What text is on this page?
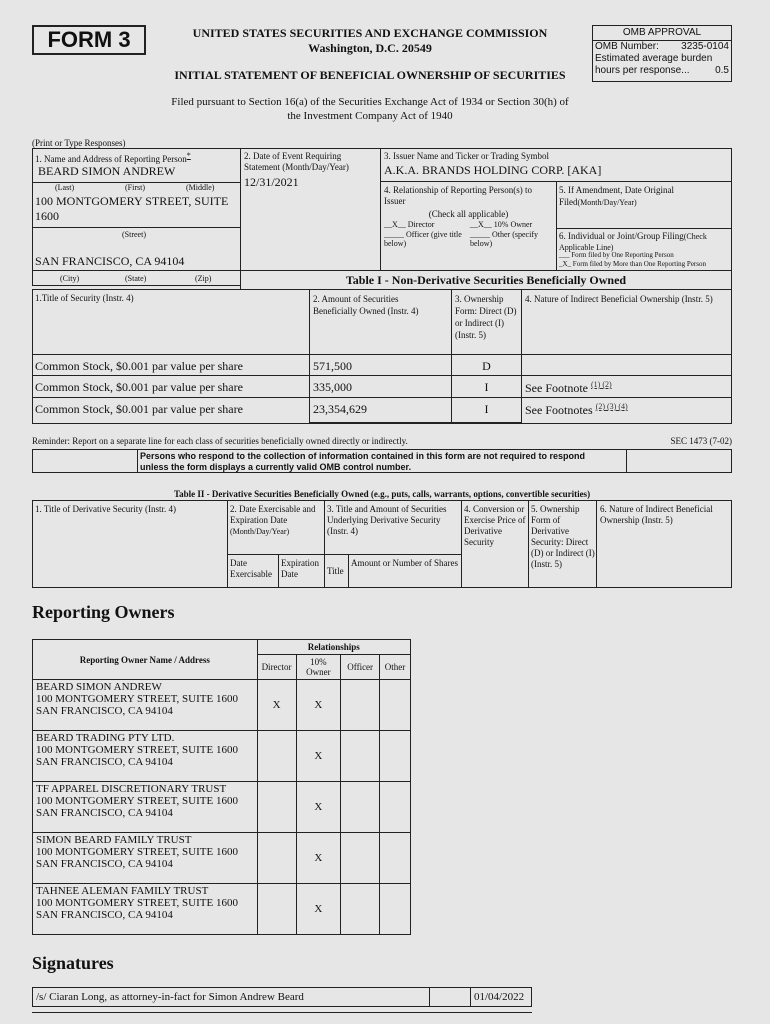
FORM 3	UNITED STATES SECURITIES AND EXCHANGE COMMISSION
Washington, D.C. 20549
INITIAL STATEMENT OF BENEFICIAL OWNERSHIP OF SECURITIES
OMB APPROVAL
OMB Number: 3235-0104
Estimated average burden
hours per response...	0.5
Filed pursuant to Section 16(a) of the Securities Exchange Act of 1934 or Section 30(h) of
the Investment Company Act of 1940
(Print or Type Responses)
1. Name and Address of Reporting Person*
BEARD SIMON ANDREW
(Last)	(First)	(Middle)
100 MONTGOMERY STREET, SUITE
1600
(Street)
SAN FRANCISCO, CA 94104
(City)	(State)	(Zip)
2. Date of Event Requiring
Statement (Month/Day/Year)
12/31/2021
3. Issuer Name and Ticker or Trading Symbol
A.K.A. BRANDS HOLDING CORP. [AKA]
4. Relationship of Reporting Person(s) to
Issuer
(Check all applicable)
__X__ Director	__X__ 10% Owner
_____ Officer (give title below)
_____ Other (specify below)
5. If Amendment, Date Original
Filed(Month/Day/Year)
6. Individual or Joint/Group Filing(Check Applicable Line)
___ Form filed by One Reporting Person
_X_ Form filed by More than One Reporting Person
Table I - Non-Derivative Securities Beneficially Owned
1.Title of Security (Instr. 4)	2. Amount of Securities Beneficially Owned (Instr. 4)
3. Ownership Form: Direct (D) or Indirect (I) (Instr. 5)
4. Nature of Indirect Beneficial Ownership (Instr. 5)
Common Stock, $0.001 par value per share	571,500	D
Common Stock, $0.001 par value per share	335,000	I	See Footnote $^{(1) (2)}$
Common Stock, $0.001 par value per share	23,354,629	I	See Footnotes $^{(2) (3) (4)}$
Reminder: Report on a separate line for each class of securities beneficially owned directly or indirectly.	SEC 1473 (7-02)
Persons who respond to the collection of information contained in this form are not required to respond
unless the form displays a currently valid OMB control number.
Table II - Derivative Securities Beneficially Owned (e.g., puts, calls, warrants, options, convertible securities)
1. Title of Derivative Security (Instr. 4)	2. Date Exercisable and Expiration Date
(Month/Day/Year)
3. Title and Amount of Securities Underlying Derivative Security (Instr. 4)
4. Conversion or Exercise Price of Derivative Security
5. Ownership Form of Derivative Security: Direct (D) or Indirect (I) (Instr. 5)
6. Nature of Indirect Beneficial Ownership (Instr. 5)
Date Exercisable
Expiration Date	Title
Amount or Number of Shares
Reporting Owners
Reporting Owner Name / Address	Relationships			
	Director	10% Owner	Officer	Other

BEARD SIMON ANDREW
100 MONTGOMERY STREET, SUITE 1600
SAN FRANCISCO, CA 94104	X	X		

BEARD TRADING PTY LTD.
100 MONTGOMERY STREET, SUITE 1600
SAN FRANCISCO, CA 94104		X		

TF APPAREL DISCRETIONARY TRUST
100 MONTGOMERY STREET, SUITE 1600
SAN FRANCISCO, CA 94104		X		

SIMON BEARD FAMILY TRUST
100 MONTGOMERY STREET, SUITE 1600
SAN FRANCISCO, CA 94104		X		

TAHNEE ALEMAN FAMILY TRUST
100 MONTGOMERY STREET, SUITE 1600
SAN FRANCISCO, CA 94104		X		
Signatures
/s/ Ciaran Long, as attorney-in-fact for Simon Andrew Beard	01/04/2022
